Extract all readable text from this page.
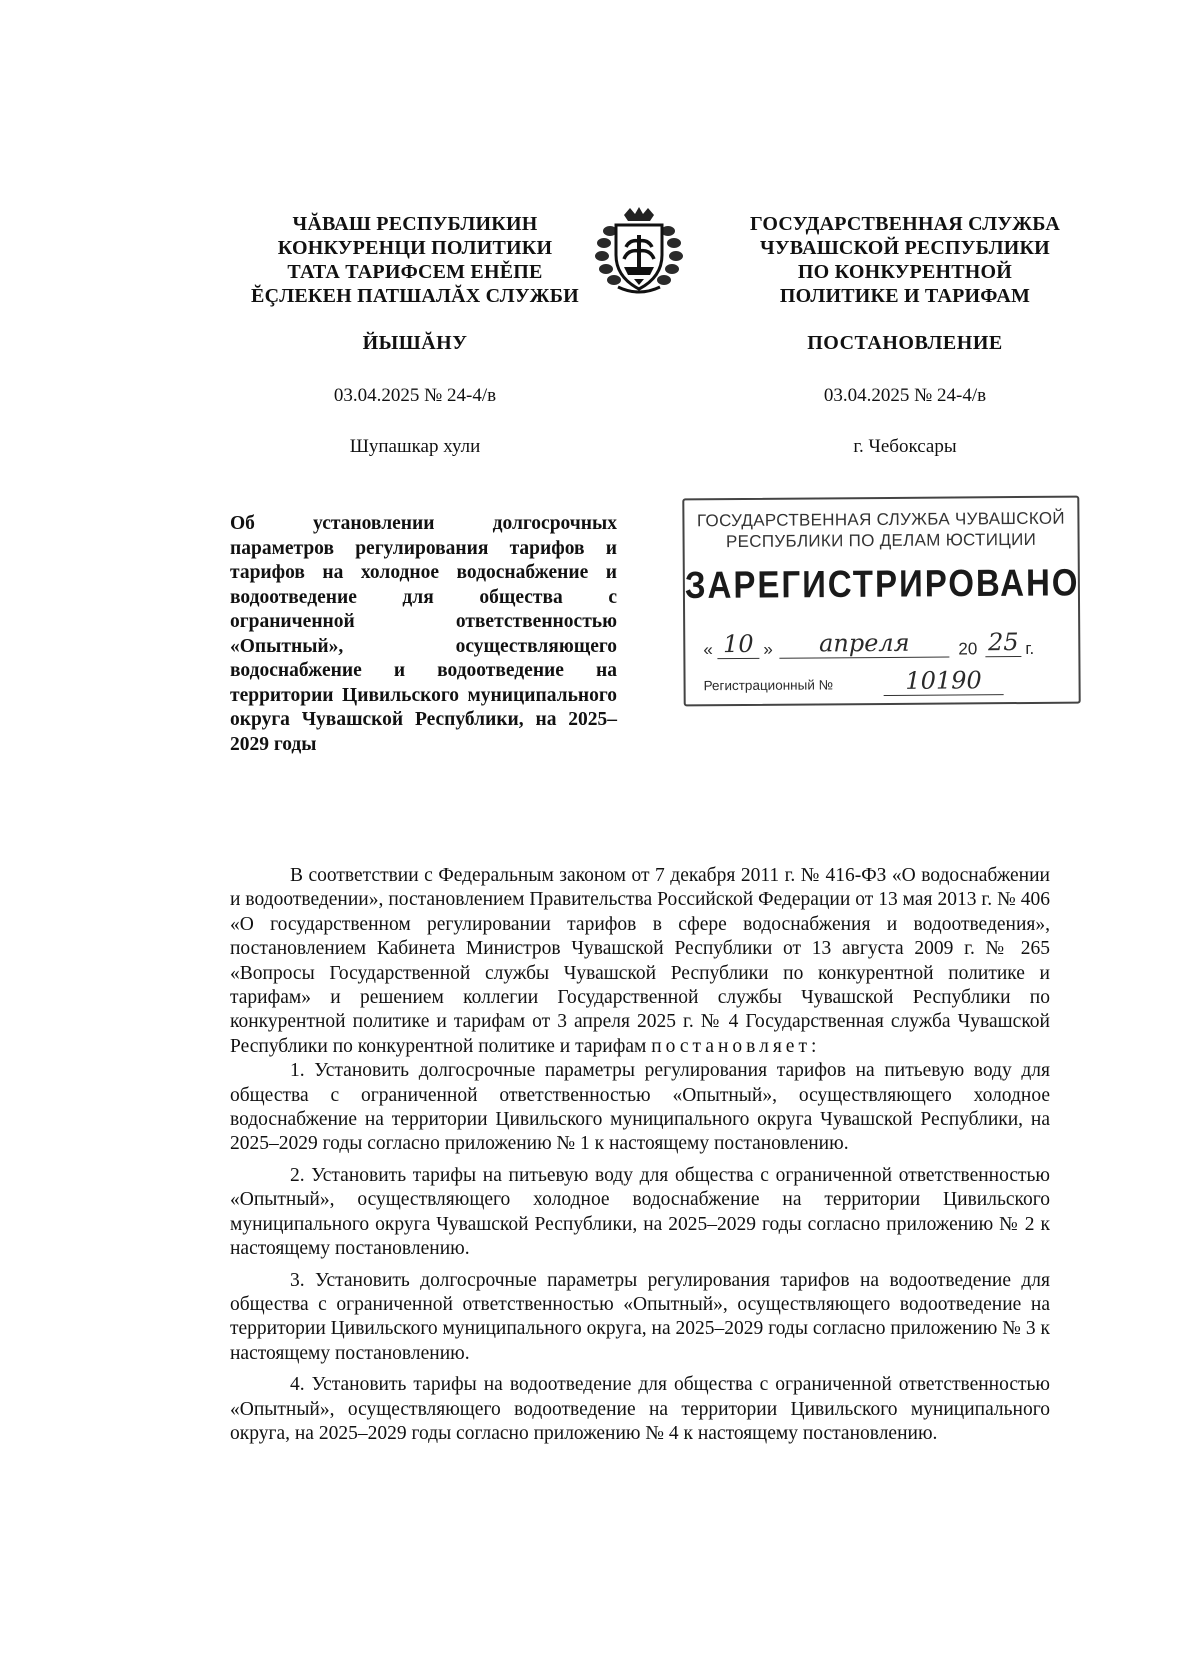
ЧĂВАШ РЕСПУБЛИКИН
КОНКУРЕНЦИ ПОЛИТИКИ
ТАТА ТАРИФСЕМ ЕНĚПЕ
ĔÇЛЕКЕН ПАТШАЛĂХ СЛУЖБИ
ГОСУДАРСТВЕННАЯ СЛУЖБА
ЧУВАШСКОЙ РЕСПУБЛИКИ
ПО КОНКУРЕНТНОЙ
ПОЛИТИКЕ И ТАРИФАМ
ЙЫШĂНУ	ПОСТАНОВЛЕНИЕ
03.04.2025 № 24-4/в	03.04.2025 № 24-4/в
Шупашкар хули	г. Чебоксары
Об установлении долгосрочных параметров регулирования тарифов и тарифов на холодное водоснабжение и водоотведение для общества с ограниченной ответственностью «Опытный», осуществляющего водоснабжение и водоотведение на территории Цивильского муниципального округа Чувашской Республики, на 2025–2029 годы
ГОСУДАРСТВЕННАЯ СЛУЖБА ЧУВАШСКОЙ
РЕСПУБЛИКИ ПО ДЕЛАМ ЮСТИЦИИ
ЗАРЕГИСТРИРОВАНО
« 10 »	апреля	20 25 г.
Регистрационный №	10190

В соответствии с Федеральным законом от 7 декабря 2011 г. № 416-ФЗ «О водоснабжении и водоотведении», постановлением Правительства Российской Федерации от 13 мая 2013 г. № 406 «О государственном регулировании тарифов в сфере водоснабжения и водоотведения», постановлением Кабинета Министров Чувашской Республики от 13 августа 2009 г. № 265 «Вопросы Государственной службы Чувашской Республики по конкурентной политике и тарифам» и решением коллегии Государственной службы Чувашской Республики по конкурентной политике и тарифам от 3 апреля 2025 г. № 4 Государственная служба Чувашской Республики по конкурентной политике и тарифам постановляет:

1. Установить долгосрочные параметры регулирования тарифов на питьевую воду для общества с ограниченной ответственностью «Опытный», осуществляющего холодное водоснабжение на территории Цивильского муниципального округа Чувашской Республики, на 2025–2029 годы согласно приложению № 1 к настоящему постановлению.

2. Установить тарифы на питьевую воду для общества с ограниченной ответственностью «Опытный», осуществляющего холодное водоснабжение на территории Цивильского муниципального округа Чувашской Республики, на 2025–2029 годы согласно приложению № 2 к настоящему постановлению.

3. Установить долгосрочные параметры регулирования тарифов на водоотведение для общества с ограниченной ответственностью «Опытный», осуществляющего водоотведение на территории Цивильского муниципального округа, на 2025–2029 годы согласно приложению № 3 к настоящему постановлению.

4. Установить тарифы на водоотведение для общества с ограниченной ответственностью «Опытный», осуществляющего водоотведение на территории Цивильского муниципального округа, на 2025–2029 годы согласно приложению № 4 к настоящему постановлению.
